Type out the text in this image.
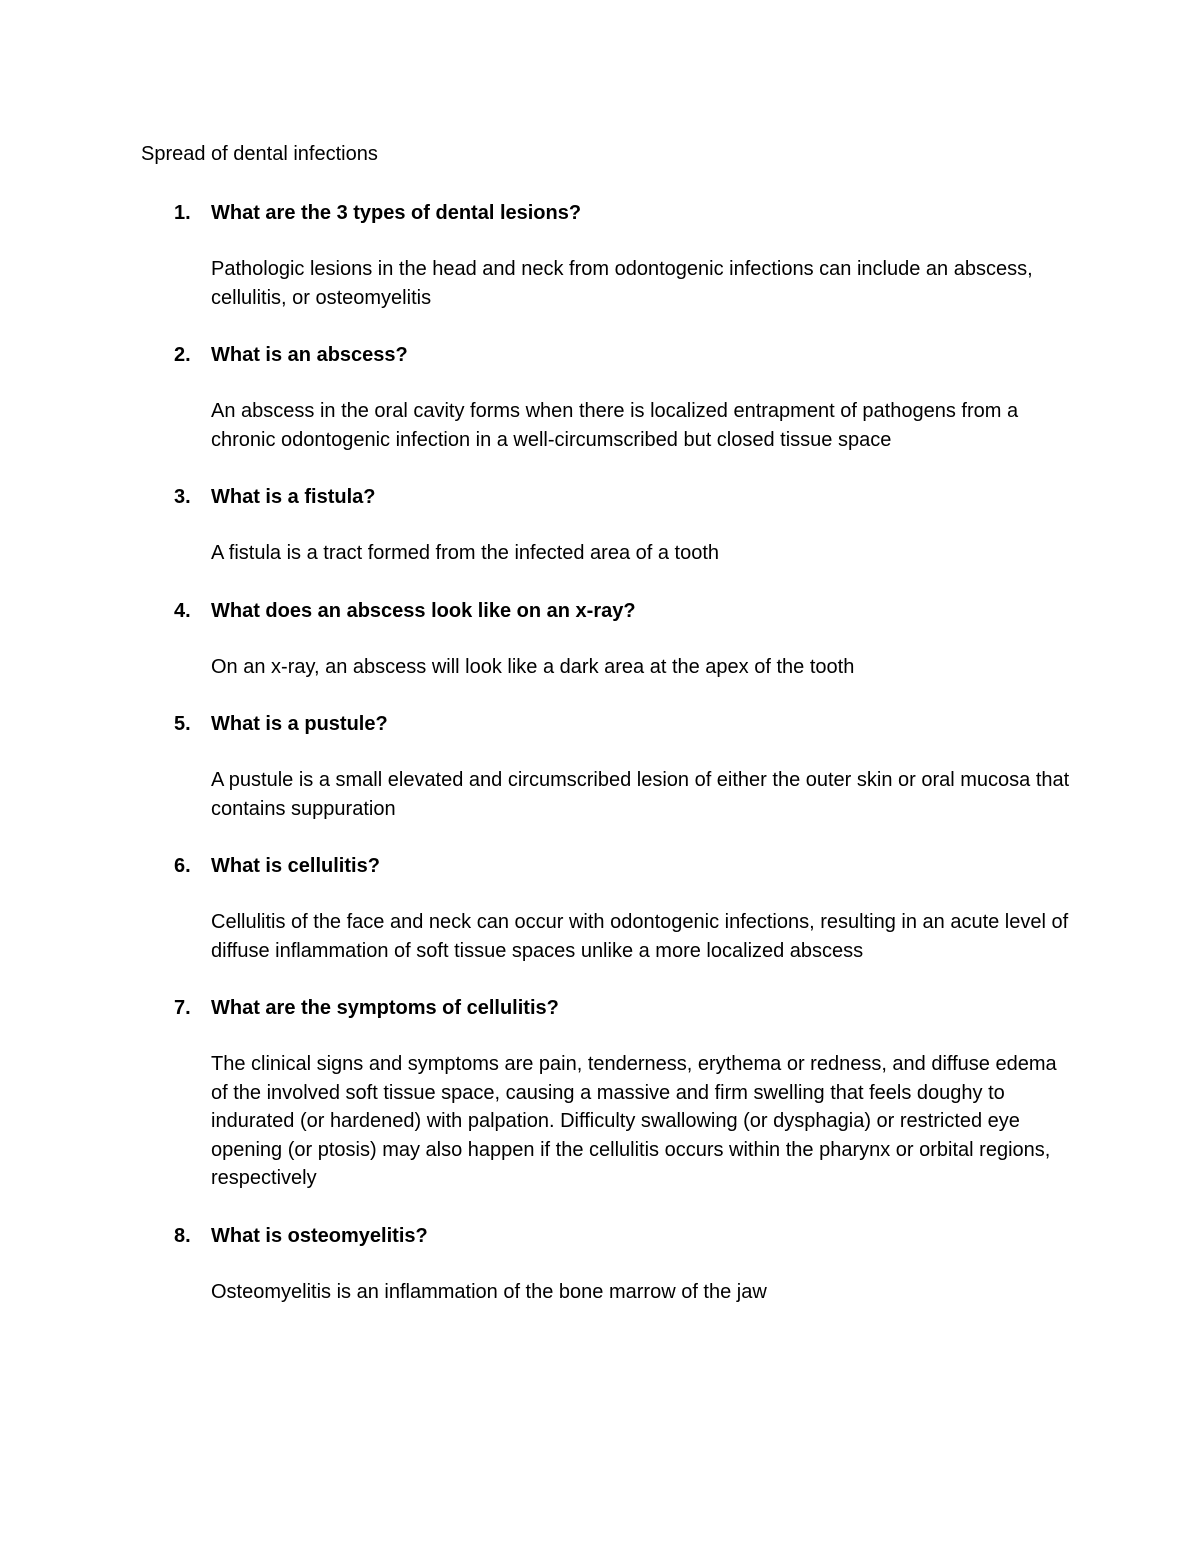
Spread of dental infections
1. What are the 3 types of dental lesions?
Pathologic lesions in the head and neck from odontogenic infections can include an abscess, cellulitis, or osteomyelitis
2. What is an abscess?
An abscess in the oral cavity forms when there is localized entrapment of pathogens from a chronic odontogenic infection in a well-circumscribed but closed tissue space
3. What is a fistula?
A fistula is a tract formed from the infected area of a tooth
4. What does an abscess look like on an x-ray?
On an x-ray, an abscess will look like a dark area at the apex of the tooth
5. What is a pustule?
A pustule is a small elevated and circumscribed lesion of either the outer skin or oral mucosa that contains suppuration
6. What is cellulitis?
Cellulitis of the face and neck can occur with odontogenic infections, resulting in an acute level of diffuse inflammation of soft tissue spaces unlike a more localized abscess
7. What are the symptoms of cellulitis?
The clinical signs and symptoms are pain, tenderness, erythema or redness, and diffuse edema of the involved soft tissue space, causing a massive and firm swelling that feels doughy to indurated (or hardened) with palpation. Difficulty swallowing (or dysphagia) or restricted eye opening (or ptosis) may also happen if the cellulitis occurs within the pharynx or orbital regions, respectively
8. What is osteomyelitis?
Osteomyelitis is an inflammation of the bone marrow of the jaw
